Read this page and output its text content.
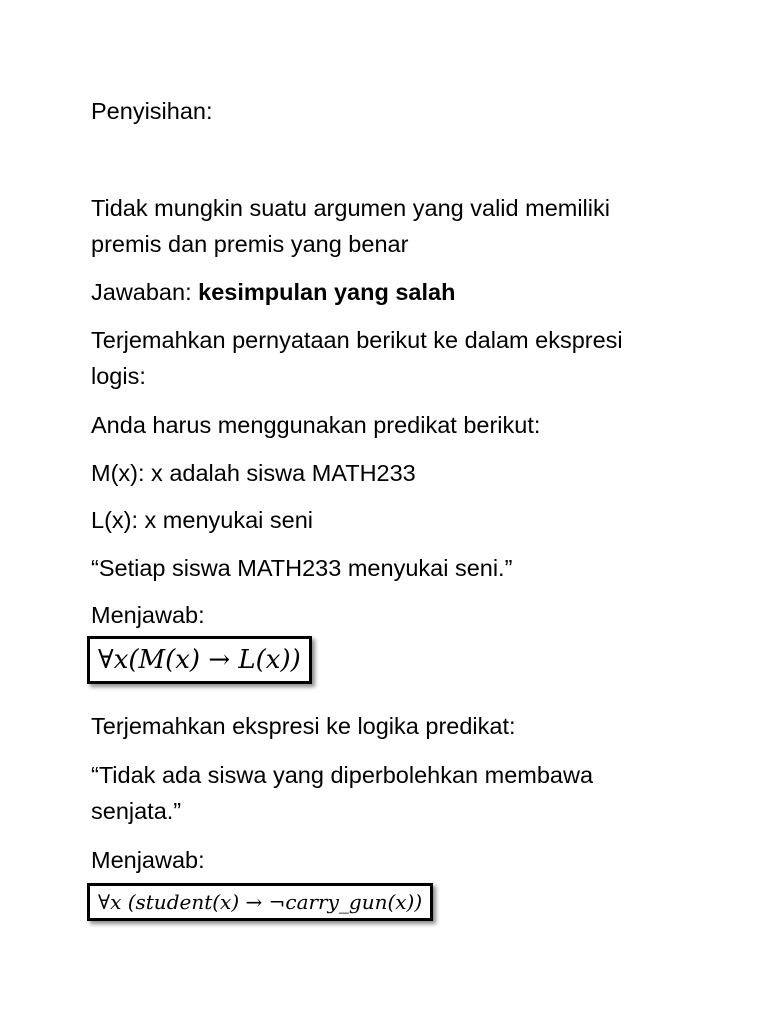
Penyisihan:

Tidak mungkin suatu argumen yang valid memiliki premis dan premis yang benar

Jawaban: kesimpulan yang salah

Terjemahkan pernyataan berikut ke dalam ekspresi logis:

Anda harus menggunakan predikat berikut:

M(x): x adalah siswa MATH233

L(x): x menyukai seni

“Setiap siswa MATH233 menyukai seni.”

Menjawab:

∀x(M(x) → L(x))

Terjemahkan ekspresi ke logika predikat:

“Tidak ada siswa yang diperbolehkan membawa senjata.”

Menjawab:

∀x (student(x) → ¬carry_gun(x))
